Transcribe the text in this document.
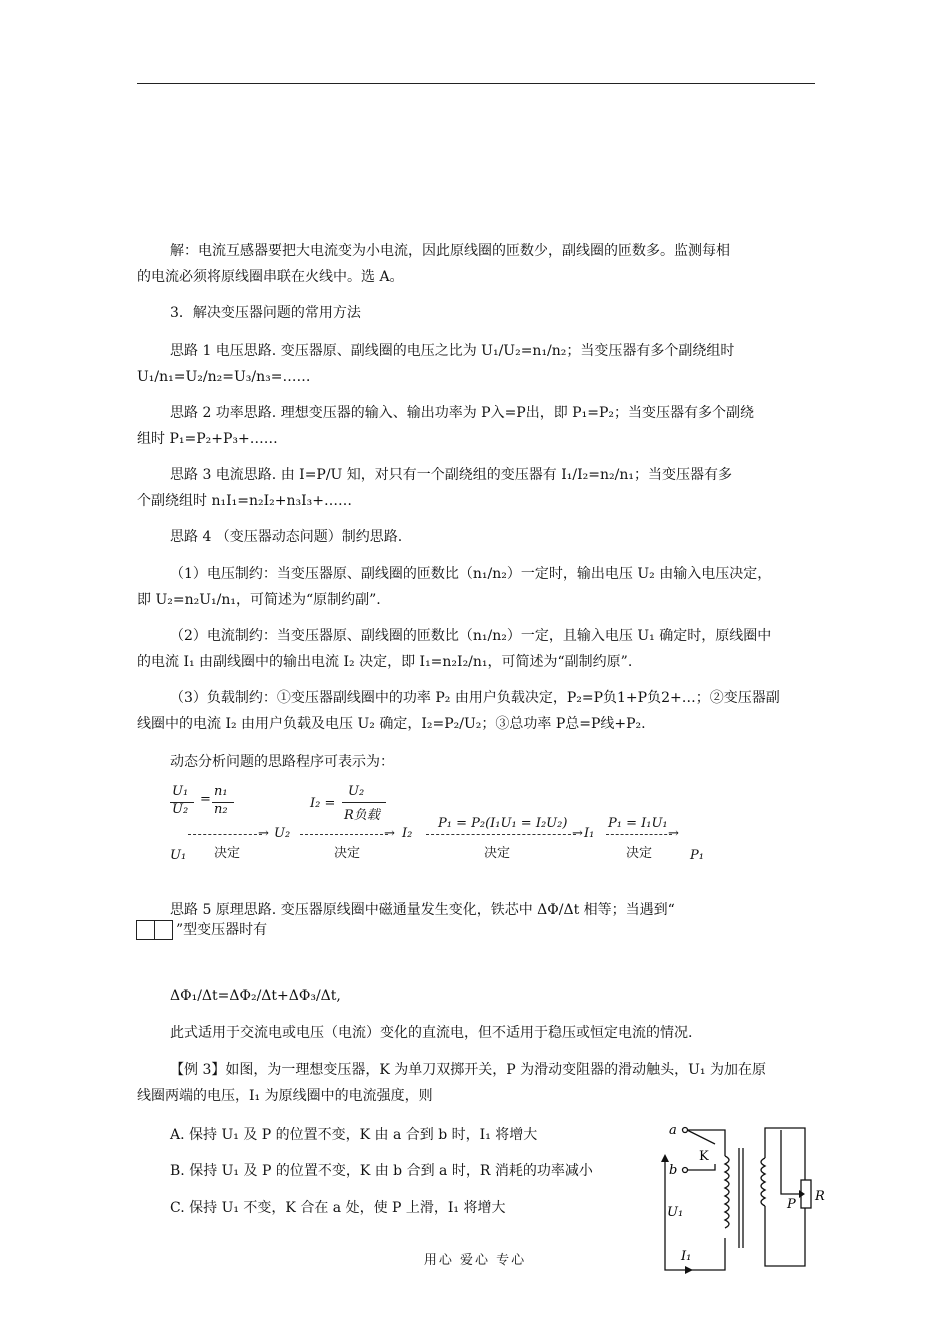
解：电流互感器要把大电流变为小电流，因此原线圈的匝数少，副线圈的匝数多。监测每相
的电流必须将原线圈串联在火线中。选 A。
3．解决变压器问题的常用方法
思路 1 电压思路. 变压器原、副线圈的电压之比为 U₁/U₂=n₁/n₂；当变压器有多个副绕组时
U₁/n₁=U₂/n₂=U₃/n₃=……
思路 2 功率思路. 理想变压器的输入、输出功率为 P入=P出，即 P₁=P₂；当变压器有多个副绕
组时 P₁=P₂+P₃+……
思路 3 电流思路. 由 I=P/U 知，对只有一个副绕组的变压器有 I₁/I₂=n₂/n₁；当变压器有多
个副绕组时 n₁I₁=n₂I₂+n₃I₃+……
思路 4 （变压器动态问题）制约思路.
（1）电压制约：当变压器原、副线圈的匝数比（n₁/n₂）一定时，输出电压 U₂ 由输入电压决定，
即 U₂=n₂U₁/n₁，可简述为“原制约副”.
（2）电流制约：当变压器原、副线圈的匝数比（n₁/n₂）一定，且输入电压 U₁ 确定时，原线圈中
的电流 I₁ 由副线圈中的输出电流 I₂ 决定，即 I₁=n₂I₂/n₁，可简述为“副制约原”.
（3）负载制约：①变压器副线圈中的功率 P₂ 由用户负载决定，P₂=P负1+P负2+…；②变压器副
线圈中的电流 I₂ 由用户负载及电压 U₂ 确定，I₂=P₂/U₂；③总功率 P总=P线+P₂.
动态分析问题的思路程序可表示为：
U₁
U₂
=
n₁
n₂	I₂ =
U₂
R负载
P₁ = P₂(I₁U₁ = I₂U₂)	P₁ = I₁U₁
→ U₂	→ I₂	→ I₁	→
决定	决定	决定	决定
U₁	P₁
思路 5 原理思路. 变压器原线圈中磁通量发生变化，铁芯中 ΔΦ/Δt 相等；当遇到“
”型变压器时有
ΔΦ₁/Δt=ΔΦ₂/Δt+ΔΦ₃/Δt,
此式适用于交流电或电压（电流）变化的直流电，但不适用于稳压或恒定电流的情况.
【例 3】如图，为一理想变压器，K 为单刀双掷开关，P 为滑动变阻器的滑动触头，U₁ 为加在原
线圈两端的电压，I₁ 为原线圈中的电流强度，则
A. 保持 U₁ 及 P 的位置不变，K 由 a 合到 b 时，I₁ 将增大
B. 保持 U₁ 及 P 的位置不变，K 由 b 合到 a 时，R 消耗的功率减小
C. 保持 U₁ 不变，K 合在 a 处，使 P 上滑，I₁ 将增大
a
b
K
U₁
I₁
P
R
用心 爱心 专心
